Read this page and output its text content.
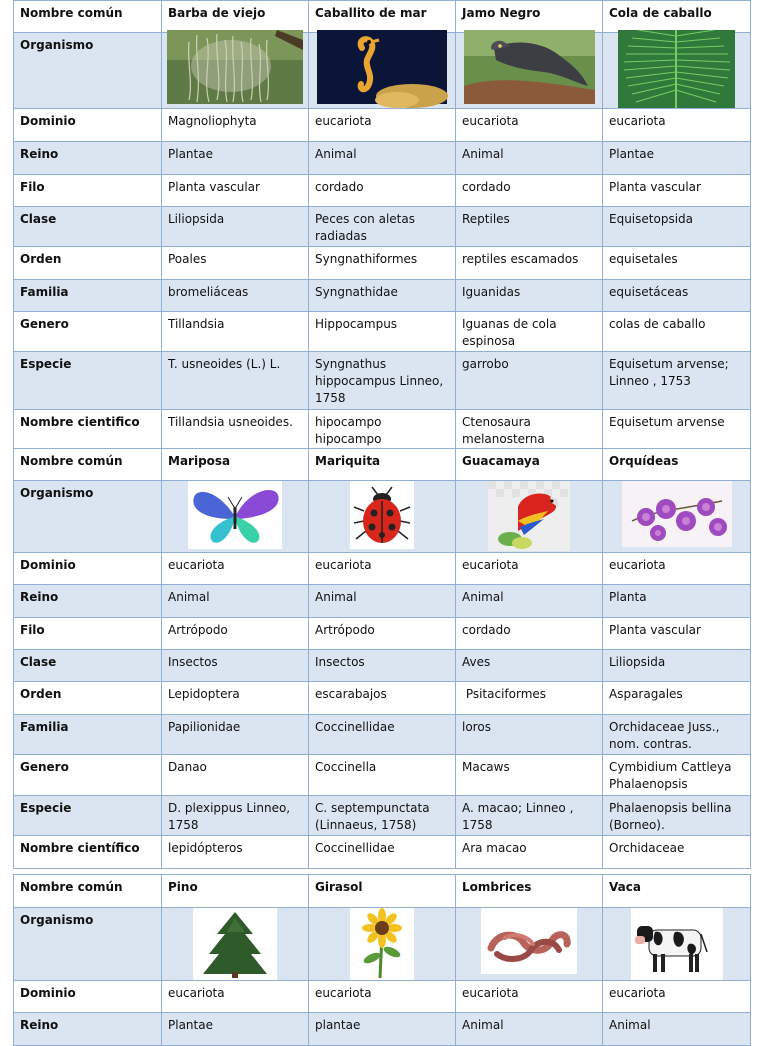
Nombre común	Barba de viejo	Caballito de mar	Jamo Negro	Cola de caballo
Organismo	

Dominio	Magnoliophyta	eucariota	eucariota	eucariota
Reino	Plantae	Animal	Animal	Plantae
Filo	Planta vascular	cordado	cordado	Planta vascular
Clase	Liliopsida	Peces con aletas radiadas	Reptiles	Equisetopsida
Orden	Poales	Syngnathiformes	reptiles escamados	equisetales
Familia	bromeliáceas	Syngnathidae	Iguanidas	equisetáceas
Genero	Tillandsia	Hippocampus	Iguanas de cola espinosa	colas de caballo
Especie	T. usneoides (L.) L.	Syngnathus hippocampus Linneo, 1758	garrobo	Equisetum arvense; Linneo , 1753
Nombre cientifico	Tillandsia usneoides.	hipocampo hipocampo	Ctenosaura melanosterna	Equisetum arvense
Nombre común	Mariposa	Mariquita	Guacamaya	Orquídeas
Organismo	

Dominio	eucariota	eucariota	eucariota	eucariota
Reino	Animal	Animal	Animal	Planta
Filo	Artrópodo	Artrópodo	cordado	Planta vascular
Clase	Insectos	Insectos	Aves	Liliopsida
Orden	Lepidoptera	escarabajos	Psitaciformes	Asparagales
Familia	Papilionidae	Coccinellidae	loros	Orchidaceae Juss., nom. contras.
Genero	Danao	Coccinella	Macaws	Cymbidium Cattleya Phalaenopsis
Especie	D. plexippus Linneo, 1758	C. septempunctata (Linnaeus, 1758)	A. macao; Linneo , 1758	Phalaenopsis bellina (Borneo).
Nombre científico	lepidópteros	Coccinellidae	Ara macao	Orchidaceae
Nombre común	Pino	Girasol	Lombrices	Vaca
Organismo	

Dominio	eucariota	eucariota	eucariota	eucariota
Reino	Plantae	plantae	Animal	Animal
